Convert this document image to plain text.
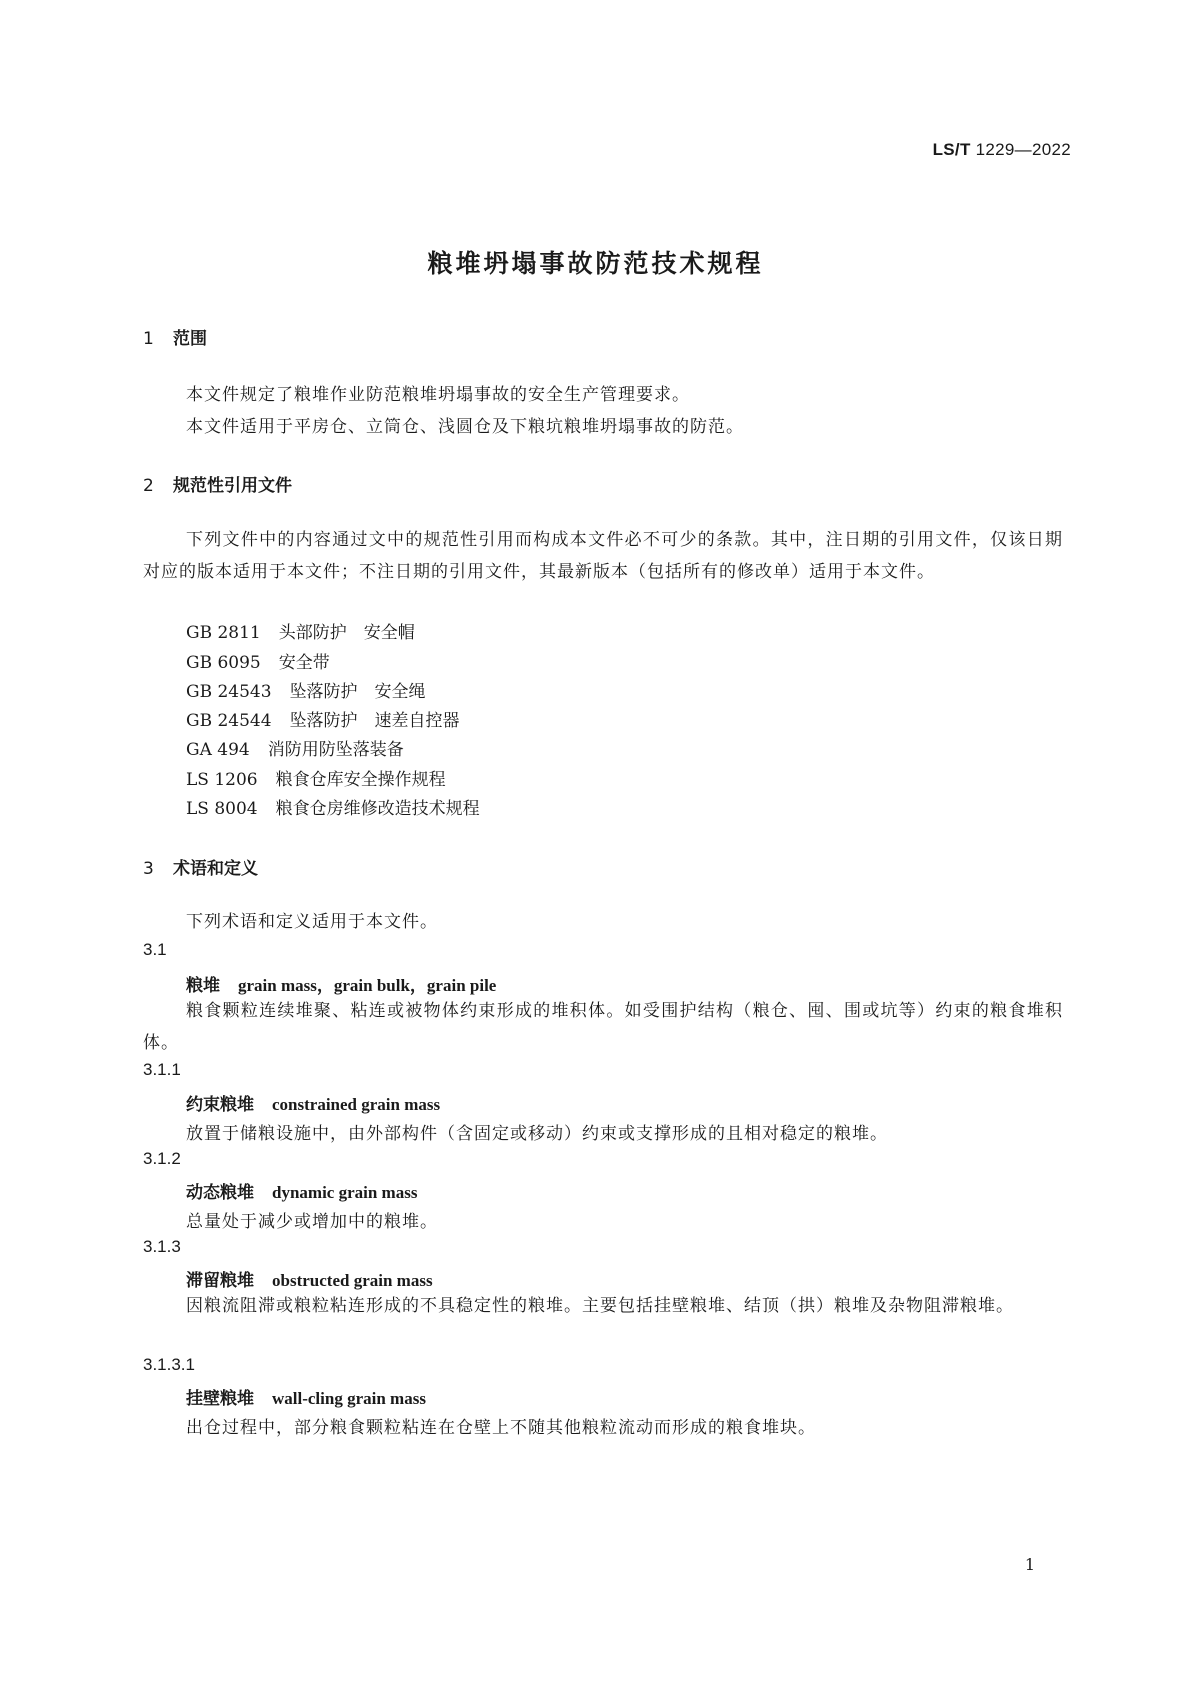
LS/T 1229—2022
粮堆坍塌事故防范技术规程
1 范围
本文件规定了粮堆作业防范粮堆坍塌事故的安全生产管理要求。
本文件适用于平房仓、立筒仓、浅圆仓及下粮坑粮堆坍塌事故的防范。
2 规范性引用文件
下列文件中的内容通过文中的规范性引用而构成本文件必不可少的条款。其中，注日期的引用文件，仅该日期对应的版本适用于本文件；不注日期的引用文件，其最新版本（包括所有的修改单）适用于本文件。
GB 2811 头部防护　安全帽
GB 6095 安全带
GB 24543 坠落防护　安全绳
GB 24544 坠落防护　速差自控器
GA 494 消防用防坠落装备
LS 1206 粮食仓库安全操作规程
LS 8004 粮食仓房维修改造技术规程
3 术语和定义
下列术语和定义适用于本文件。
3.1
粮堆 grain mass，grain bulk，grain pile
粮食颗粒连续堆聚、粘连或被物体约束形成的堆积体。如受围护结构（粮仓、囤、围或坑等）约束的粮食堆积体。
3.1.1
约束粮堆 constrained grain mass
放置于储粮设施中，由外部构件（含固定或移动）约束或支撑形成的且相对稳定的粮堆。
3.1.2
动态粮堆 dynamic grain mass
总量处于减少或增加中的粮堆。
3.1.3
滞留粮堆 obstructed grain mass
因粮流阻滞或粮粒粘连形成的不具稳定性的粮堆。主要包括挂壁粮堆、结顶（拱）粮堆及杂物阻滞粮堆。
3.1.3.1
挂壁粮堆 wall-cling grain mass
出仓过程中，部分粮食颗粒粘连在仓壁上不随其他粮粒流动而形成的粮食堆块。
1
